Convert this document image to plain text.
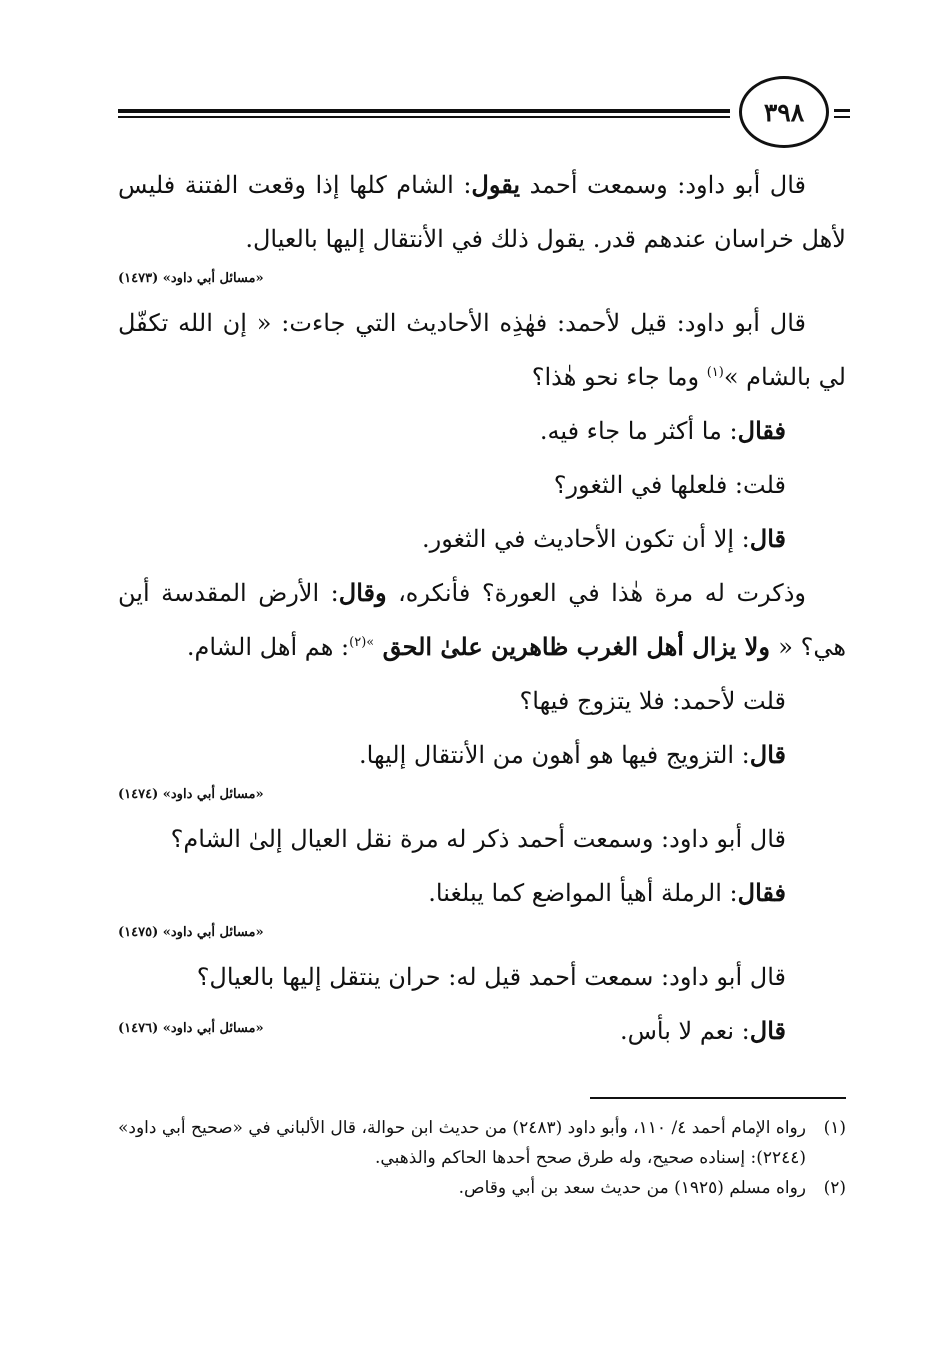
٣٩٨

قال أبو داود: وسمعت أحمد يقول: الشام كلها إذا وقعت الفتنة فليس لأهل خراسان عندهم قدر. يقول ذلك في الأنتقال إليها بالعيال.

«مسائل أبي داود» (١٤٧٣)

قال أبو داود: قيل لأحمد: فهٰذِه الأحاديث التي جاءت: « إن الله تكفّل لي بالشام »$^{(١)}$ وما جاء نحو هٰذا؟

فقال: ما أكثر ما جاء فيه.

قلت: فلعلها في الثغور؟

قال: إلا أن تكون الأحاديث في الثغور.

وذكرت له مرة هٰذا في العورة؟ فأنكره، وقال: الأرض المقدسة أين هي؟ « ولا يزال أهل الغرب ظاهرين علىٰ الحق $^{»(٢)}$: هم أهل الشام.

قلت لأحمد: فلا يتزوج فيها؟

قال: التزويج فيها هو أهون من الأنتقال إليها.

«مسائل أبي داود» (١٤٧٤)

قال أبو داود: وسمعت أحمد ذكر له مرة نقل العيال إلىٰ الشام؟

فقال: الرملة أهيأ المواضع كما يبلغنا.

«مسائل أبي داود» (١٤٧٥)

قال أبو داود: سمعت أحمد قيل له: حران ينتقل إليها بالعيال؟

قال: نعم لا بأس.
«مسائل أبي داود» (١٤٧٦)

(١)
رواه الإمام أحمد ٤/ ١١٠، وأبو داود (٢٤٨٣) من حديث ابن حوالة، قال الألباني في «صحيح أبي داود» (٢٢٤٤): إسناده صحيح، وله طرق صحح أحدها الحاكم والذهبي.

(٢)
رواه مسلم (١٩٢٥) من حديث سعد بن أبي وقاص.
